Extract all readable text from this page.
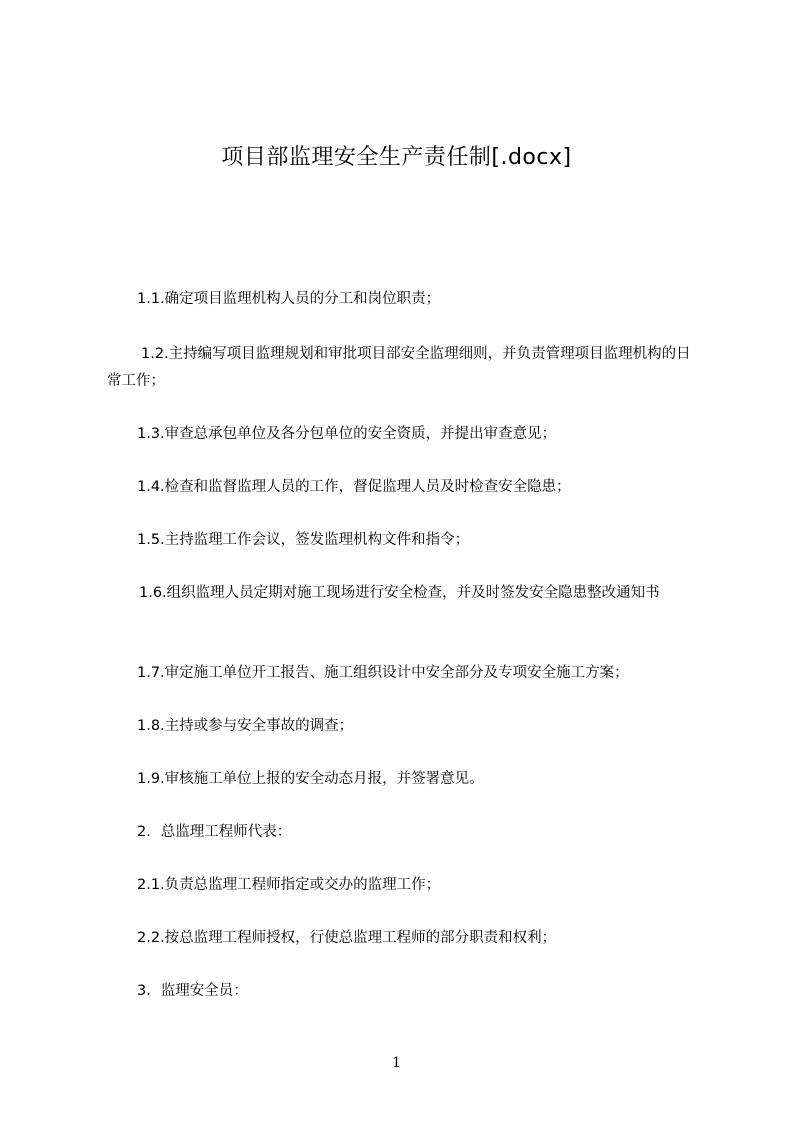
项目部监理安全生产责任制[.docx]
1.1.确定项目监理机构人员的分工和岗位职责；
1.2.主持编写项目监理规划和审批项目部安全监理细则，并负责管理项目监理机构的日常工作；
1.3.审查总承包单位及各分包单位的安全资质，并提出审查意见；
1.4.检查和监督监理人员的工作，督促监理人员及时检查安全隐患；
1.5.主持监理工作会议，签发监理机构文件和指令；
1.6.组织监理人员定期对施工现场进行安全检查，并及时签发安全隐患整改通知书
1.7.审定施工单位开工报告、施工组织设计中安全部分及专项安全施工方案；
1.8.主持或参与安全事故的调查；
1.9.审核施工单位上报的安全动态月报，并签署意见。
2．总监理工程师代表：
2.1.负责总监理工程师指定或交办的监理工作；
2.2.按总监理工程师授权，行使总监理工程师的部分职责和权利；
3．监理安全员：
1
